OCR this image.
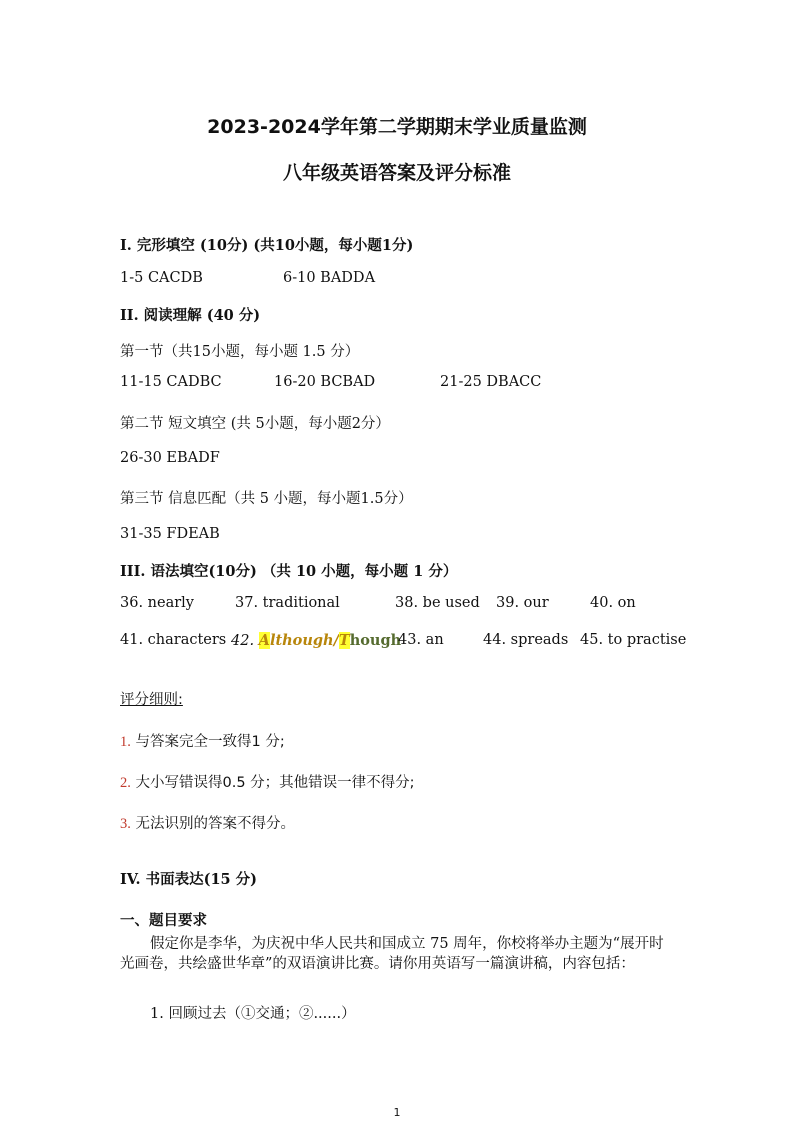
2023-2024学年第二学期期末学业质量监测
八年级英语答案及评分标准
I. 完形填空 (10分) (共10小题，每小题1分)
1-5 CACDB	6-10 BADDA
II. 阅读理解 (40 分)
第一节（共15小题，每小题 1.5 分）
11-15 CADBC	16-20 BCBAD	21-25 DBACC
第二节 短文填空 (共 5小题，每小题2分）
26-30 EBADF
第三节 信息匹配（共 5 小题，每小题1.5分）
31-35 FDEAB
III. 语法填空(10分) （共 10 小题，每小题 1 分）
36. nearly	37. traditional	38. be used 39. our	40. on
41. characters 42. Although/Though
43. an	44. spreads 45. to practise
评分细则:
1. 与答案完全一致得1 分;
2. 大小写错误得0.5 分；其他错误一律不得分;
3. 无法识别的答案不得分。
IV. 书面表达(15 分)
一、题目要求
假定你是李华，为庆祝中华人民共和国成立 75 周年，你校将举办主题为“展开时光画卷，共绘盛世华章”的双语演讲比赛。请你用英语写一篇演讲稿，内容包括：
1. 回顾过去（①交通；②......）
1
